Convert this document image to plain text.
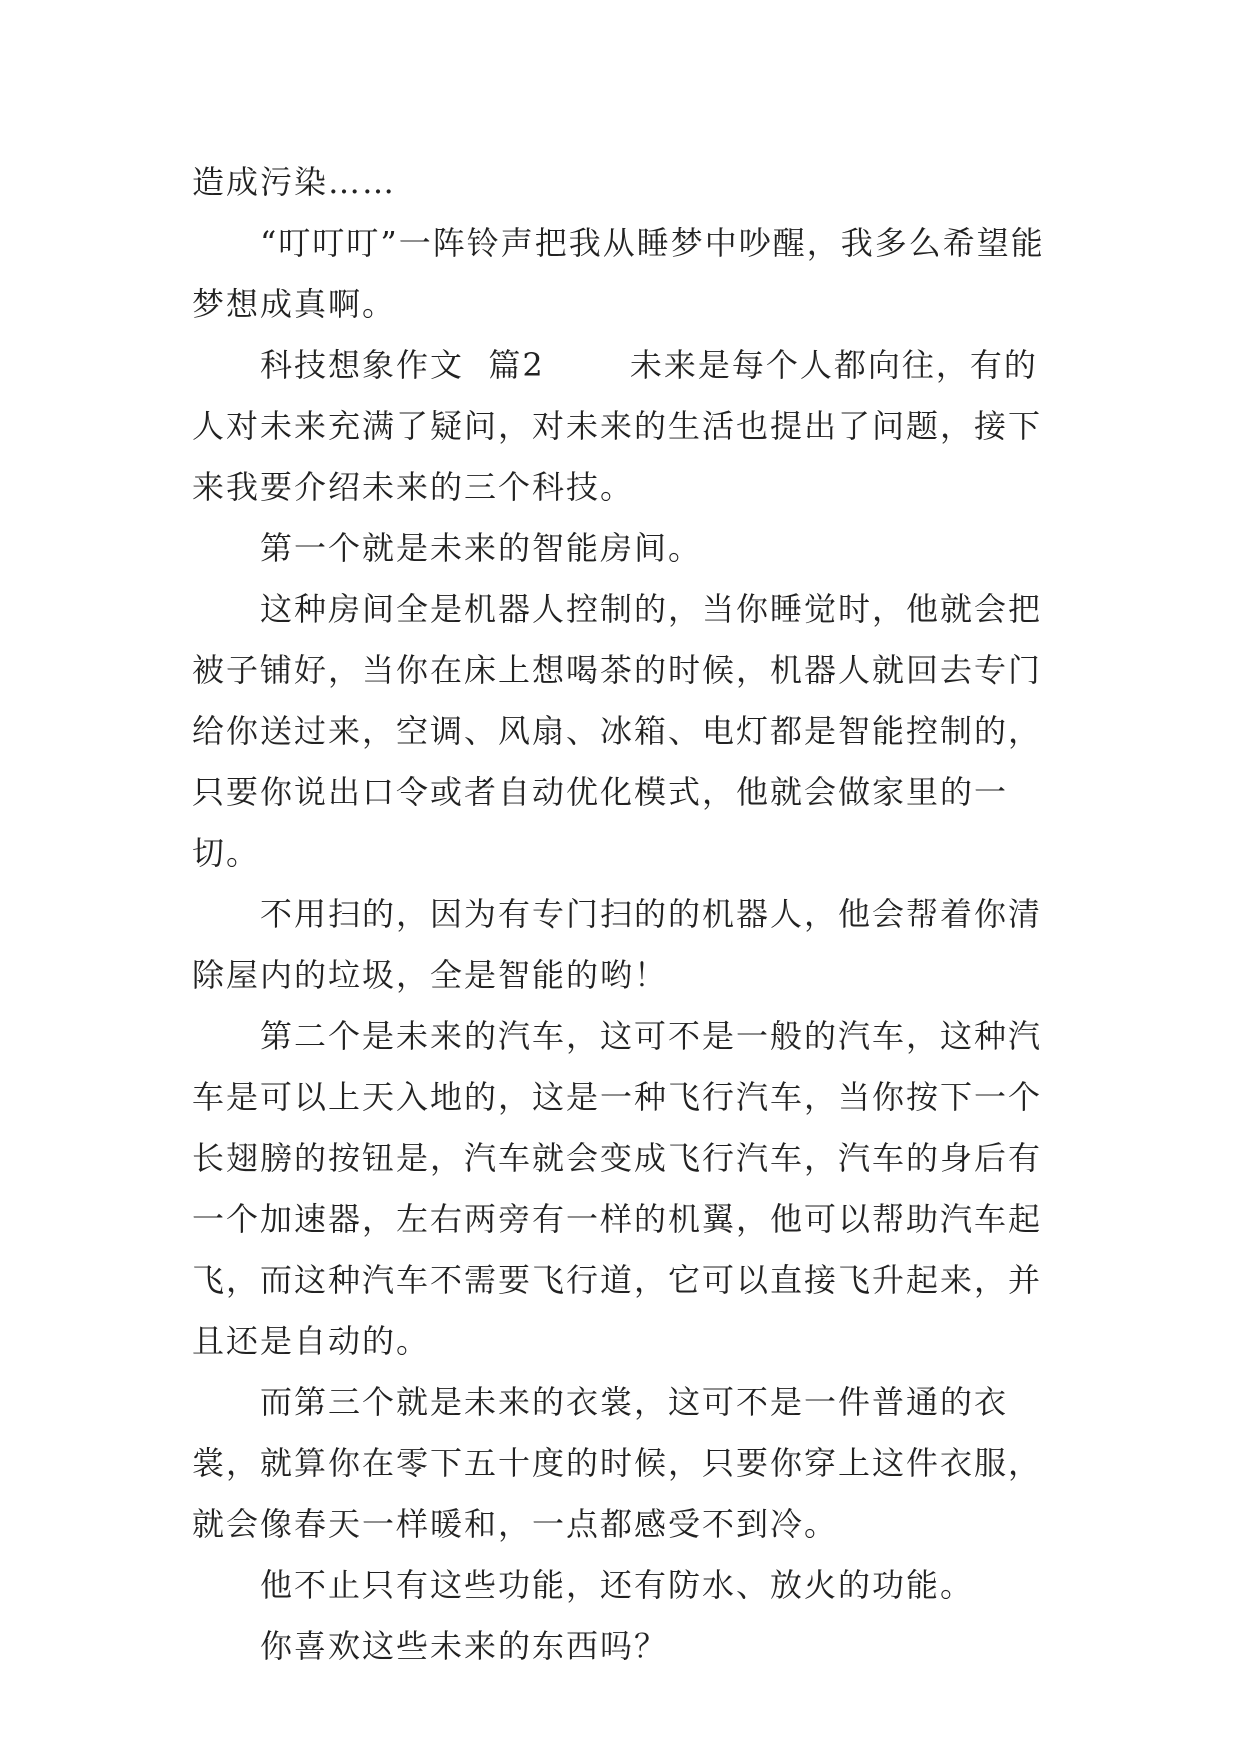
造成污染……

“叮叮叮”一阵铃声把我从睡梦中吵醒，我多么希望能梦想成真啊。

科技想象作文  篇2       未来是每个人都向往，有的人对未来充满了疑问，对未来的生活也提出了问题，接下来我要介绍未来的三个科技。

第一个就是未来的智能房间。

这种房间全是机器人控制的，当你睡觉时，他就会把被子铺好，当你在床上想喝茶的时候，机器人就回去专门给你送过来，空调、风扇、冰箱、电灯都是智能控制的，只要你说出口令或者自动优化模式，他就会做家里的一切。

不用扫的，因为有专门扫的的机器人，他会帮着你清除屋内的垃圾，全是智能的哟！

第二个是未来的汽车，这可不是一般的汽车，这种汽车是可以上天入地的，这是一种飞行汽车，当你按下一个长翅膀的按钮是，汽车就会变成飞行汽车，汽车的身后有一个加速器，左右两旁有一样的机翼，他可以帮助汽车起飞，而这种汽车不需要飞行道，它可以直接飞升起来，并且还是自动的。

而第三个就是未来的衣裳，这可不是一件普通的衣裳，就算你在零下五十度的时候，只要你穿上这件衣服，就会像春天一样暖和，一点都感受不到冷。

他不止只有这些功能，还有防水、放火的功能。

你喜欢这些未来的东西吗？
